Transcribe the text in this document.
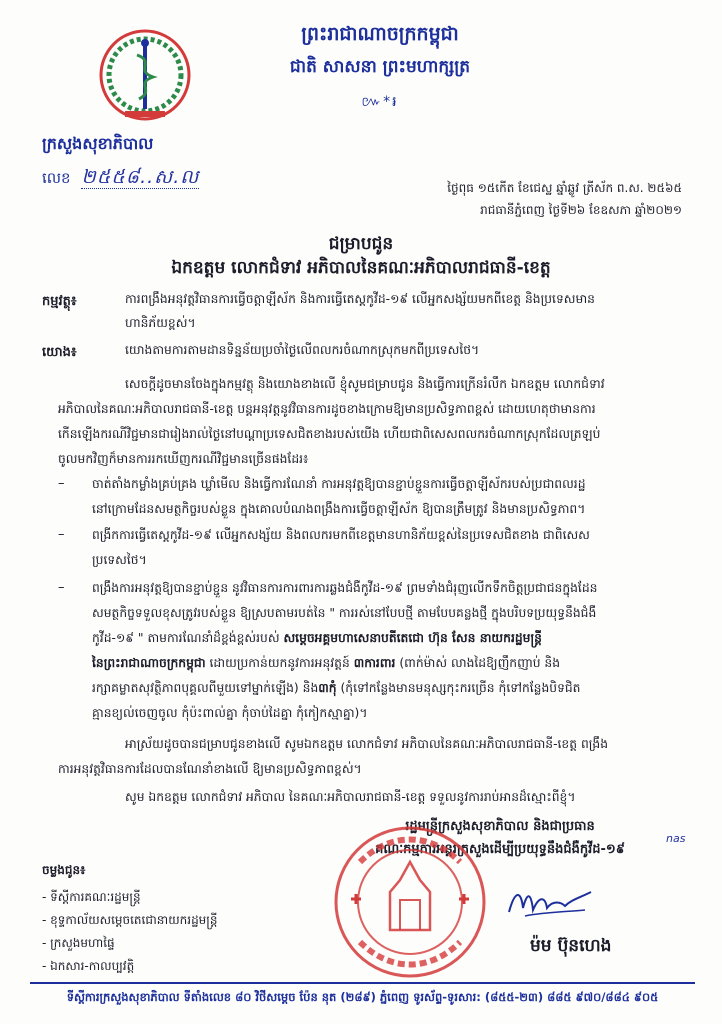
ព្រះរាជាណាចក្រកម្ពុជា
ជាតិ សាសនា ព្រះមហាក្សត្រ
៚*៛
ក្រសួងសុខាភិបាល
លេខ ២៥៥៨..ស.ល	ថ្ងៃពុធ ១៥កើត ខែជេស្ឋ ឆ្នាំឆ្លូវ ត្រីស័ក ព.ស. ២៥៦៥
រាជធានីភ្នំពេញ ថ្ងៃទី២៦ ខែឧសភា ឆ្នាំ២០២១
ជម្រាបជូន
ឯកឧត្តម លោកជំទាវ អភិបាលនៃគណៈអភិបាលរាជធានី-ខេត្ត
កម្មវត្ថុ៖	ការពង្រឹងអនុវត្តវិធានការធ្វើចត្តាឡីស័ក និងការធ្វើតេស្តកូវីដ-១៩ លើអ្នកសង្ស័យមកពីខេត្ត និងប្រទេសមាន
ហានិភ័យខ្ពស់។
យោង៖	យោងតាមការតាមដានទិន្នន័យប្រចាំថ្ងៃលើពលករចំណាកស្រុកមកពីប្រទេសថៃ។
សេចក្តីដូចមានចែងក្នុងកម្មវត្ថុ និងយោងខាងលើ ខ្ញុំសូមជម្រាបជូន និងធ្វើការក្រើនរំលឹក ឯកឧត្តម លោកជំទាវ
អភិបាលនៃគណៈអភិបាលរាជធានី-ខេត្ត បន្តអនុវត្តនូវវិធានការដូចខាងក្រោមឱ្យមានប្រសិទ្ធភាពខ្ពស់ ដោយហេតុថាមានការ
កើនឡើងករណីវិជ្ជមានជារៀងរាល់ថ្ងៃនៅបណ្តាប្រទេសជិតខាងរបស់យើង ហើយជាពិសេសពលករចំណាកស្រុកដែលត្រឡប់
ចូលមកវិញក៏មានការរកឃើញករណីវិជ្ជមានច្រើនផងដែរ៖
– ចាត់តាំងកម្លាំងគ្រប់គ្រង ឃ្លាំមើល និងធ្វើការណែនាំ ការអនុវត្តឱ្យបានខ្ជាប់ខ្ជួនការធ្វើចត្តាឡីស័ករបស់ប្រជាពលរដ្ឋ
នៅក្រោមដែនសមត្ថកិច្ចរបស់ខ្លួន ក្នុងគោលបំណងពង្រឹងការធ្វើចត្តាឡីស័ក ឱ្យបានត្រឹមត្រូវ និងមានប្រសិទ្ធភាព។
– ពង្រីកការធ្វើតេស្តកូវីដ-១៩ លើអ្នកសង្ស័យ និងពលករមកពីខេត្តមានហានិភ័យខ្ពស់នៃប្រទេសជិតខាង ជាពិសេស
ប្រទេសថៃ។
– ពង្រឹងការអនុវត្តឱ្យបានខ្ជាប់ខ្ជួន នូវវិធានការការពារការឆ្លងជំងឺកូវីដ-១៩ ព្រមទាំងជំរុញលើកទឹកចិត្តប្រជាជនក្នុងដែន
សមត្ថកិច្ចទទួលខុសត្រូវរបស់ខ្លួន ឱ្យស្របតាមរបត់នៃ " ការរស់នៅបែបថ្មី តាមបែបគន្លងថ្មី ក្នុងបរិបទប្រយុទ្ធនឹងជំងឺ
កូវីដ-១៩ " តាមការណែនាំដ៏ខ្ពង់ខ្ពស់របស់ សម្តេចអគ្គមហាសេនាបតីតេជោ ហ៊ុន សែន នាយករដ្ឋមន្ត្រី
នៃព្រះរាជាណាចក្រកម្ពុជា ដោយប្រកាន់យកនូវការអនុវត្តន៍ ៣ការពារ (ពាក់ម៉ាស់ លាងដៃឱ្យញឹកញាប់ និង
រក្សាគម្លាតសុវត្ថិភាពបុគ្គលពីមួយទៅម្នាក់ឡើង) និង៣កុំ (កុំទៅកន្លែងមានមនុស្សកុះករច្រើន កុំទៅកន្លែងបិទជិត
គ្មានខ្យល់ចេញចូល កុំប៉ះពាល់គ្នា កុំចាប់ដៃគ្នា កុំកៀកស្មាគ្នា)។
អាស្រ័យដូចបានជម្រាបជូនខាងលើ សូមឯកឧត្តម លោកជំទាវ អភិបាលនៃគណៈអភិបាលរាជធានី-ខេត្ត ពង្រឹង
ការអនុវត្តវិធានការដែលបានណែនាំខាងលើ ឱ្យមានប្រសិទ្ធភាពខ្ពស់។
សូម ឯកឧត្តម លោកជំទាវ អភិបាល នៃគណៈអភិបាលរាជធានី-ខេត្ត ទទួលនូវការរាប់អានដ៏ស្មោះពីខ្ញុំ។
រដ្ឋមន្ត្រីក្រសួងសុខាភិបាល និងជាប្រធាន
គណៈកម្មការអន្តរក្រសួងដើម្បីប្រយុទ្ធនឹងជំងឺកូវីដ-១៩
nas
ម៉ម ប៊ុនហេង
ចម្លងជូន៖
- ទីស្តីការគណៈរដ្ឋមន្ត្រី
- ខុទ្ទកាល័យសម្តេចតេជោនាយករដ្ឋមន្ត្រី
- ក្រសួងមហាផ្ទៃ
- ឯកសារ-កាលប្បវត្តិ
ទីស្តីការក្រសួងសុខាភិបាល ទីតាំងលេខ ៨០ វិថីសម្តេច ប៉ែន នុត (២៨៩) ភ្នំពេញ ទូរស័ព្ទ-ទូរសារ: (៨៥៥-២៣) ៨៨៥ ៩៧០/៨៨៤ ៩០៥
